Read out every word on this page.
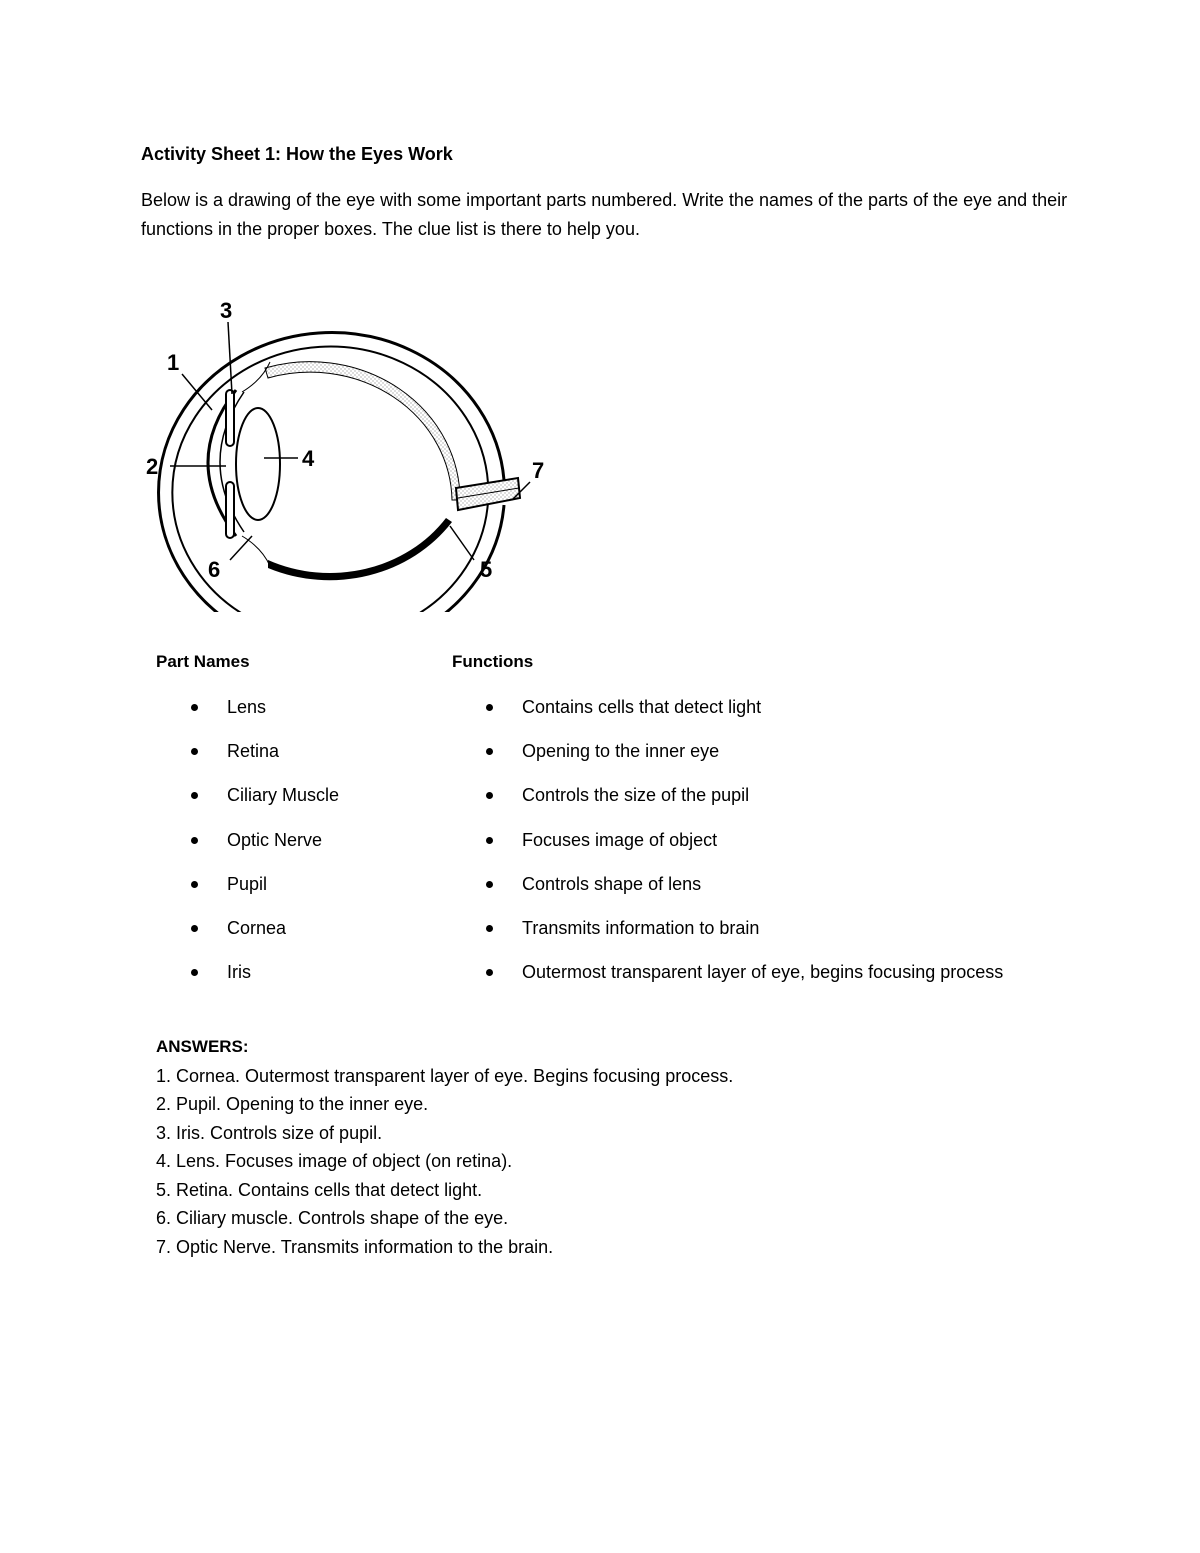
Activity Sheet 1: How the Eyes Work

Below is a drawing of the eye with some important parts numbered. Write the names of the parts of the eye and their functions in the proper boxes. The clue list is there to help you.

1
2
3
4
5
6
7
Part Names	Functions
Lens
Retina
Ciliary Muscle
Optic Nerve
Pupil
Cornea
Iris
Contains cells that detect light
Opening to the inner eye
Controls the size of the pupil
Focuses image of object
Controls shape of lens
Transmits information to brain
Outermost transparent layer of eye, begins focusing process
ANSWERS:
1. Cornea. Outermost transparent layer of eye. Begins focusing process.
2. Pupil. Opening to the inner eye.
3. Iris. Controls size of pupil.
4. Lens. Focuses image of object (on retina).
5. Retina. Contains cells that detect light.
6. Ciliary muscle. Controls shape of the eye.
7. Optic Nerve. Transmits information to the brain.
